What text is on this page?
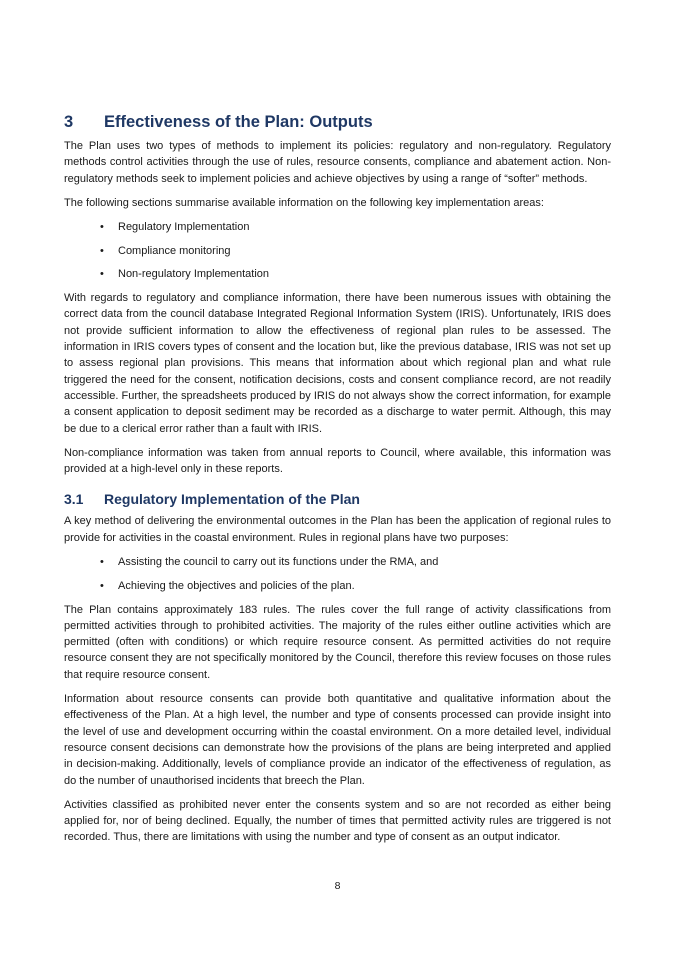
3	Effectiveness of the Plan: Outputs

The Plan uses two types of methods to implement its policies: regulatory and non-regulatory. Regulatory methods control activities through the use of rules, resource consents, compliance and abatement action. Non-regulatory methods seek to implement policies and achieve objectives by using a range of “softer” methods.

The following sections summarise available information on the following key implementation areas:

•	Regulatory Implementation
•	Compliance monitoring
•	Non-regulatory Implementation

With regards to regulatory and compliance information, there have been numerous issues with obtaining the correct data from the council database Integrated Regional Information System (IRIS). Unfortunately, IRIS does not provide sufficient information to allow the effectiveness of regional plan rules to be assessed. The information in IRIS covers types of consent and the location but, like the previous database, IRIS was not set up to assess regional plan provisions. This means that information about which regional plan and what rule triggered the need for the consent, notification decisions, costs and consent compliance record, are not readily accessible. Further, the spreadsheets produced by IRIS do not always show the correct information, for example a consent application to deposit sediment may be recorded as a discharge to water permit. Although, this may be due to a clerical error rather than a fault with IRIS.

Non-compliance information was taken from annual reports to Council, where available, this information was provided at a high-level only in these reports.

3.1	Regulatory Implementation of the Plan

A key method of delivering the environmental outcomes in the Plan has been the application of regional rules to provide for activities in the coastal environment. Rules in regional plans have two purposes:

•	Assisting the council to carry out its functions under the RMA, and
•	Achieving the objectives and policies of the plan.

The Plan contains approximately 183 rules. The rules cover the full range of activity classifications from permitted activities through to prohibited activities. The majority of the rules either outline activities which are permitted (often with conditions) or which require resource consent. As permitted activities do not require resource consent they are not specifically monitored by the Council, therefore this review focuses on those rules that require resource consent.

Information about resource consents can provide both quantitative and qualitative information about the effectiveness of the Plan. At a high level, the number and type of consents processed can provide insight into the level of use and development occurring within the coastal environment. On a more detailed level, individual resource consent decisions can demonstrate how the provisions of the plans are being interpreted and applied in decision-making. Additionally, levels of compliance provide an indicator of the effectiveness of regulation, as do the number of unauthorised incidents that breech the Plan.

Activities classified as prohibited never enter the consents system and so are not recorded as either being applied for, nor of being declined. Equally, the number of times that permitted activity rules are triggered is not recorded. Thus, there are limitations with using the number and type of consent as an output indicator.

8
